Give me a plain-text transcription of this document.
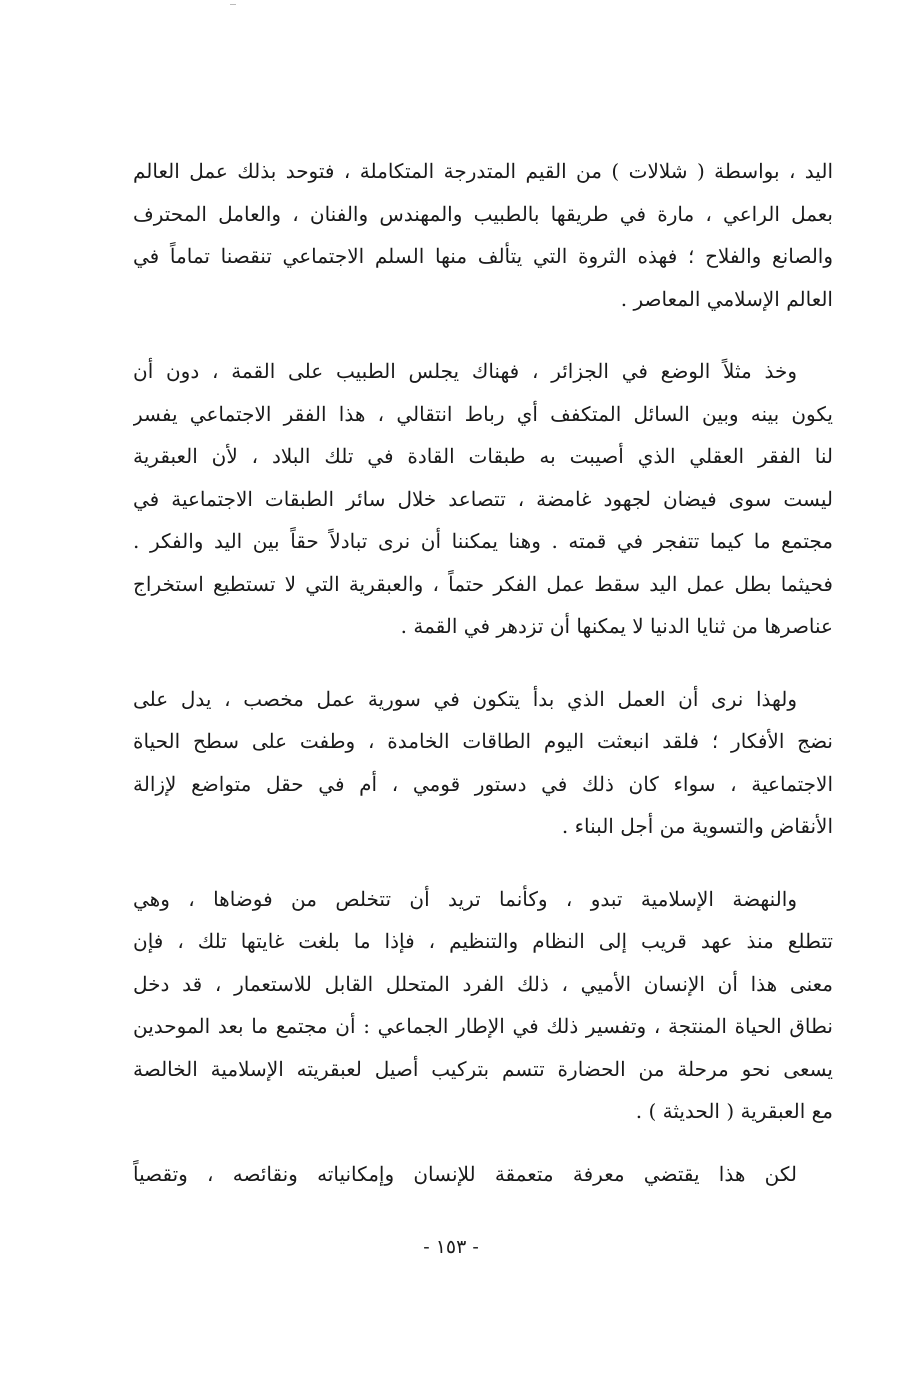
اليد ، بواسطة ( شلالات ) من القيم المتدرجة المتكاملة ، فتوحد بذلك عمل العالم
بعمل الراعي ، مارة في طريقها بالطبيب والمهندس والفنان ، والعامل المحترف
والصانع والفلاح ؛ فهذه الثروة التي يتألف منها السلم الاجتماعي تنقصنا تماماً في
العالم الإسلامي المعاصر .

وخذ مثلاً الوضع في الجزائر ، فهناك يجلس الطبيب على القمة ، دون أن
يكون بينه وبين السائل المتكفف أي رباط انتقالي ، هذا الفقر الاجتماعي يفسر
لنا الفقر العقلي الذي أصيبت به طبقات القادة في تلك البلاد ، لأن العبقرية
ليست سوى فيضان لجهود غامضة ، تتصاعد خلال سائر الطبقات الاجتماعية في
مجتمع ما كيما تتفجر في قمته . وهنا يمكننا أن نرى تبادلاً حقاً بين اليد والفكر .
فحيثما بطل عمل اليد سقط عمل الفكر حتماً ، والعبقرية التي لا تستطيع استخراج
عناصرها من ثنايا الدنيا لا يمكنها أن تزدهر في القمة .

ولهذا نرى أن العمل الذي بدأ يتكون في سورية عمل مخصب ، يدل على
نضج الأفكار ؛ فلقد انبعثت اليوم الطاقات الخامدة ، وطفت على سطح الحياة
الاجتماعية ، سواء كان ذلك في دستور قومي ، أم في حقل متواضع لإزالة
الأنقاض والتسوية من أجل البناء .

والنهضة الإسلامية تبدو ، وكأنما تريد أن تتخلص من فوضاها ، وهي
تتطلع منذ عهد قريب إلى النظام والتنظيم ، فإذا ما بلغت غايتها تلك ، فإن
معنى هذا أن الإنسان الأميي ، ذلك الفرد المتحلل القابل للاستعمار ، قد دخل
نطاق الحياة المنتجة ، وتفسير ذلك في الإطار الجماعي : أن مجتمع ما بعد الموحدين
يسعى نحو مرحلة من الحضارة تتسم بتركيب أصيل لعبقريته الإسلامية الخالصة
مع العبقرية ( الحديثة ) .

لكن هذا يقتضي معرفة متعمقة للإنسان وإمكانياته ونقائصه ، وتقصياً

- ١٥٣ -
